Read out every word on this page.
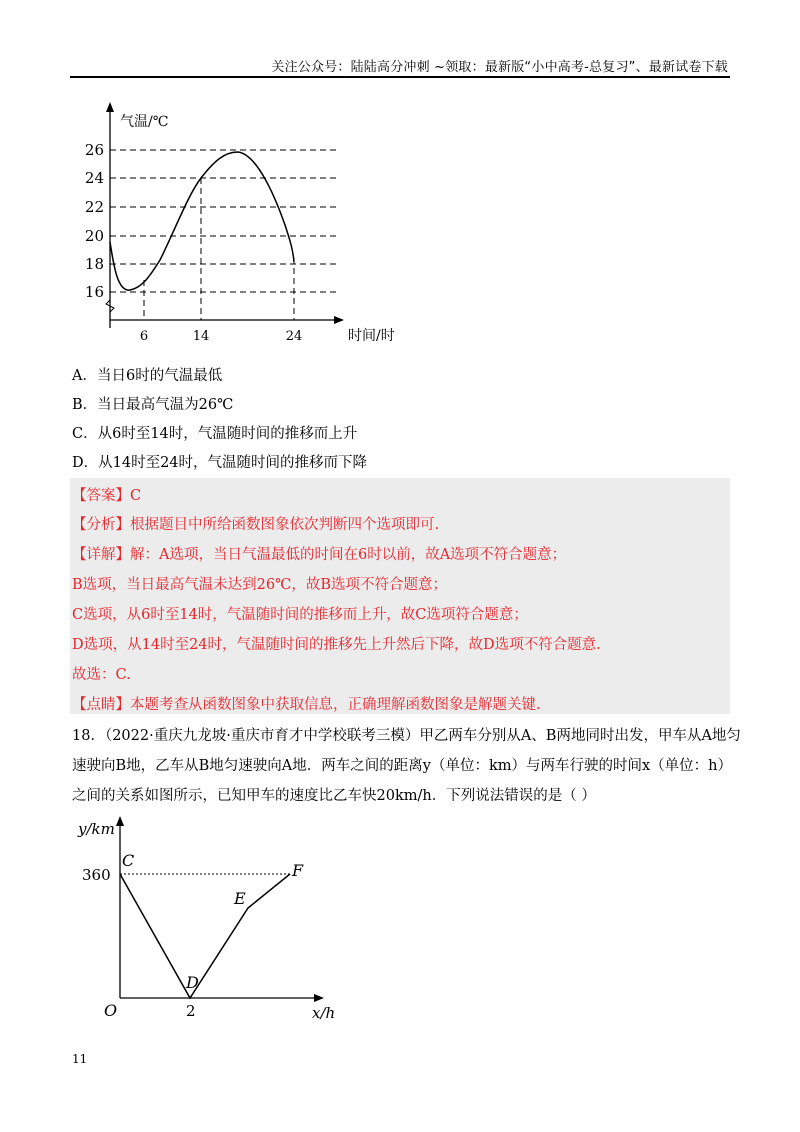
关注公众号：陆陆高分冲刺 ~领取：最新版“小中高考-总复习”、最新试卷下载
气温/℃
时间/时
26
24
22
20
18
16
6	14	24
A．当日6时的气温最低
B．当日最高气温为26℃
C．从6时至14时，气温随时间的推移而上升
D．从14时至24时，气温随时间的推移而下降
【答案】C
【分析】根据题目中所给函数图象依次判断四个选项即可.
【详解】解：A选项，当日气温最低的时间在6时以前，故A选项不符合题意；
B选项，当日最高气温未达到26℃，故B选项不符合题意；
C选项，从6时至14时，气温随时间的推移而上升，故C选项符合题意；
D选项，从14时至24时，气温随时间的推移先上升然后下降，故D选项不符合题意.
故选：C.
【点睛】本题考查从函数图象中获取信息，正确理解函数图象是解题关键.
18．（2022·重庆九龙坡·重庆市育才中学校联考三模）甲乙两车分别从A、B两地同时出发，甲车从A地匀
速驶向B地，乙车从B地匀速驶向A地．两车之间的距离y（单位：km）与两车行驶的时间x（单位：h）
之间的关系如图所示，已知甲车的速度比乙车快20km/h．下列说法错误的是（ ）
y/km
x/h
O
360
2
C
D
E
F
11
